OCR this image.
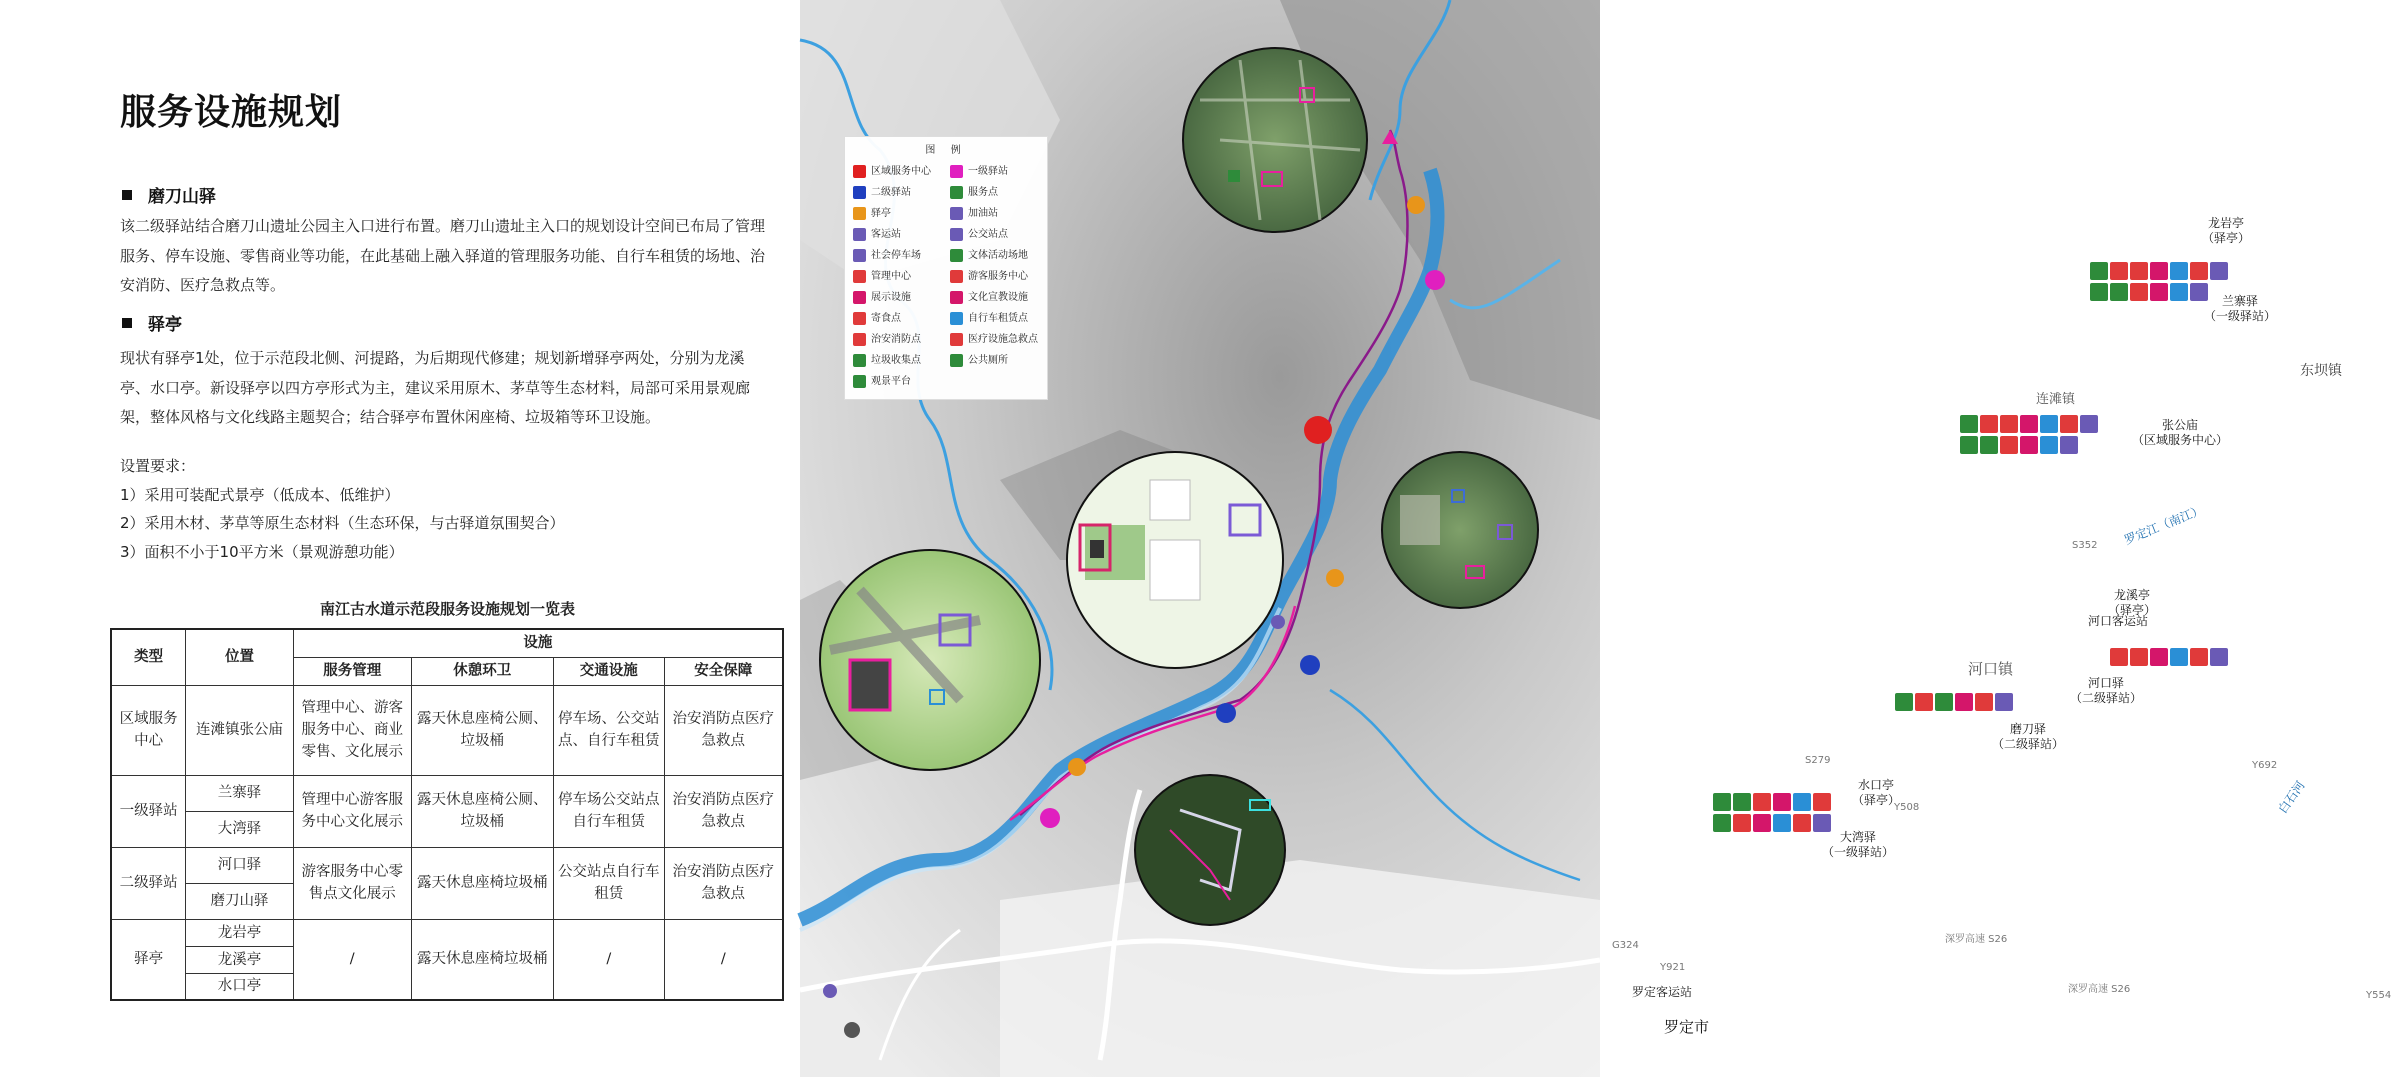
服务设施规划
磨刀山驿
该二级驿站结合磨刀山遗址公园主入口进行布置。磨刀山遗址主入口的规划设计空间已布局了管理服务、停车设施、零售商业等功能，在此基础上融入驿道的管理服务功能、自行车租赁的场地、治安消防、医疗急救点等。
驿亭
现状有驿亭1处，位于示范段北侧、河提路，为后期现代修建；规划新增驿亭两处，分别为龙溪亭、水口亭。新设驿亭以四方亭形式为主，建议采用原木、茅草等生态材料，局部可采用景观廊架，整体风格与文化线路主题契合；结合驿亭布置休闲座椅、垃圾箱等环卫设施。
设置要求：
1）采用可装配式景亭（低成本、低维护）
2）采用木材、茅草等原生态材料（生态环保，与古驿道氛围契合）
3）面积不小于10平方米（景观游憩功能）
南江古水道示范段服务设施规划一览表
类型	位置	设施			
		服务管理	休憩环卫	交通设施	安全保障
区域服务中心	连滩镇张公庙	管理中心、游客服务中心、商业零售、文化展示	露天休息座椅公厕、垃圾桶	停车场、公交站点、自行车租赁	治安消防点医疗急救点
一级驿站	兰寨驿	管理中心游客服务中心文化展示	露天休息座椅公厕、垃圾桶	停车场公交站点自行车租赁	治安消防点医疗急救点
	大湾驿				
二级驿站	河口驿	游客服务中心零售点文化展示	露天休息座椅垃圾桶	公交站点自行车租赁	治安消防点医疗急救点
	磨刀山驿				
驿亭	龙岩亭	/	露天休息座椅垃圾桶	/	/
	龙溪亭				
	水口亭				
龙岩亭
（驿亭）
兰寨驿
（一级驿站）
张公庙
（区域服务中心）
龙溪亭
（驿亭）
河口客运站
河口驿
（二级驿站）
磨刀驿
（二级驿站）
水口亭
（驿亭）
大湾驿
（一级驿站）
罗定客运站
罗定市
东坝镇
连滩镇
河口镇
罗定江（南江）
白石河
深罗高速 S26
深罗高速 S26
S352
Y508
S279
G324
Y921
Y692
Y554
图 例
区域服务中心	一级驿站
二级驿站	服务点
驿亭	加油站
客运站	公交站点
社会停车场	文体活动场地
管理中心	游客服务中心
展示设施	文化宣教设施
寄食点	自行车租赁点
治安消防点	医疗设施急救点
垃圾收集点	公共厕所
观景平台
